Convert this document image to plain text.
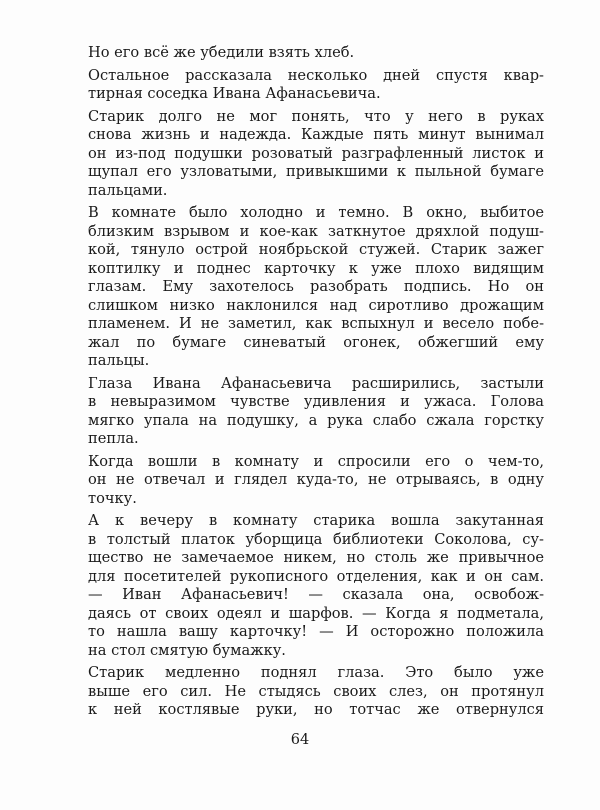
Но его всё же убедили взять хлеб.
Остальное рассказала несколько дней спустя квар-
тирная соседка Ивана Афанасьевича.
Старик долго не мог понять, что у него в руках
снова жизнь и надежда. Каждые пять минут вынимал
он из-под подушки розоватый разграфленный листок и
щупал его узловатыми, привыкшими к пыльной бумаге
пальцами.
В комнате было холодно и темно. В окно, выбитое
близким взрывом и кое-как заткнутое дряхлой подуш-
кой, тянуло острой ноябрьской стужей. Старик зажег
коптилку и поднес карточку к уже плохо видящим
глазам. Ему захотелось разобрать подпись. Но он
слишком низко наклонился над сиротливо дрожащим
пламенем. И не заметил, как вспыхнул и весело побе-
жал по бумаге синеватый огонек, обжегший ему
пальцы.
Глаза Ивана Афанасьевича расширились, застыли
в невыразимом чувстве удивления и ужаса. Голова
мягко упала на подушку, а рука слабо сжала горстку
пепла.
Когда вошли в комнату и спросили его о чем-то,
он не отвечал и глядел куда-то, не отрываясь, в одну
точку.
А к вечеру в комнату старика вошла закутанная
в толстый платок уборщица библиотеки Соколова, су-
щество не замечаемое никем, но столь же привычное
для посетителей рукописного отделения, как и он сам.
— Иван Афанасьевич! — сказала она, освобож-
даясь от своих одеял и шарфов. — Когда я подметала,
то нашла вашу карточку! — И осторожно положила
на стол смятую бумажку.
Старик медленно поднял глаза. Это было уже
выше его сил. Не стыдясь своих слез, он протянул
к ней костлявые руки, но тотчас же отвернулся
64
